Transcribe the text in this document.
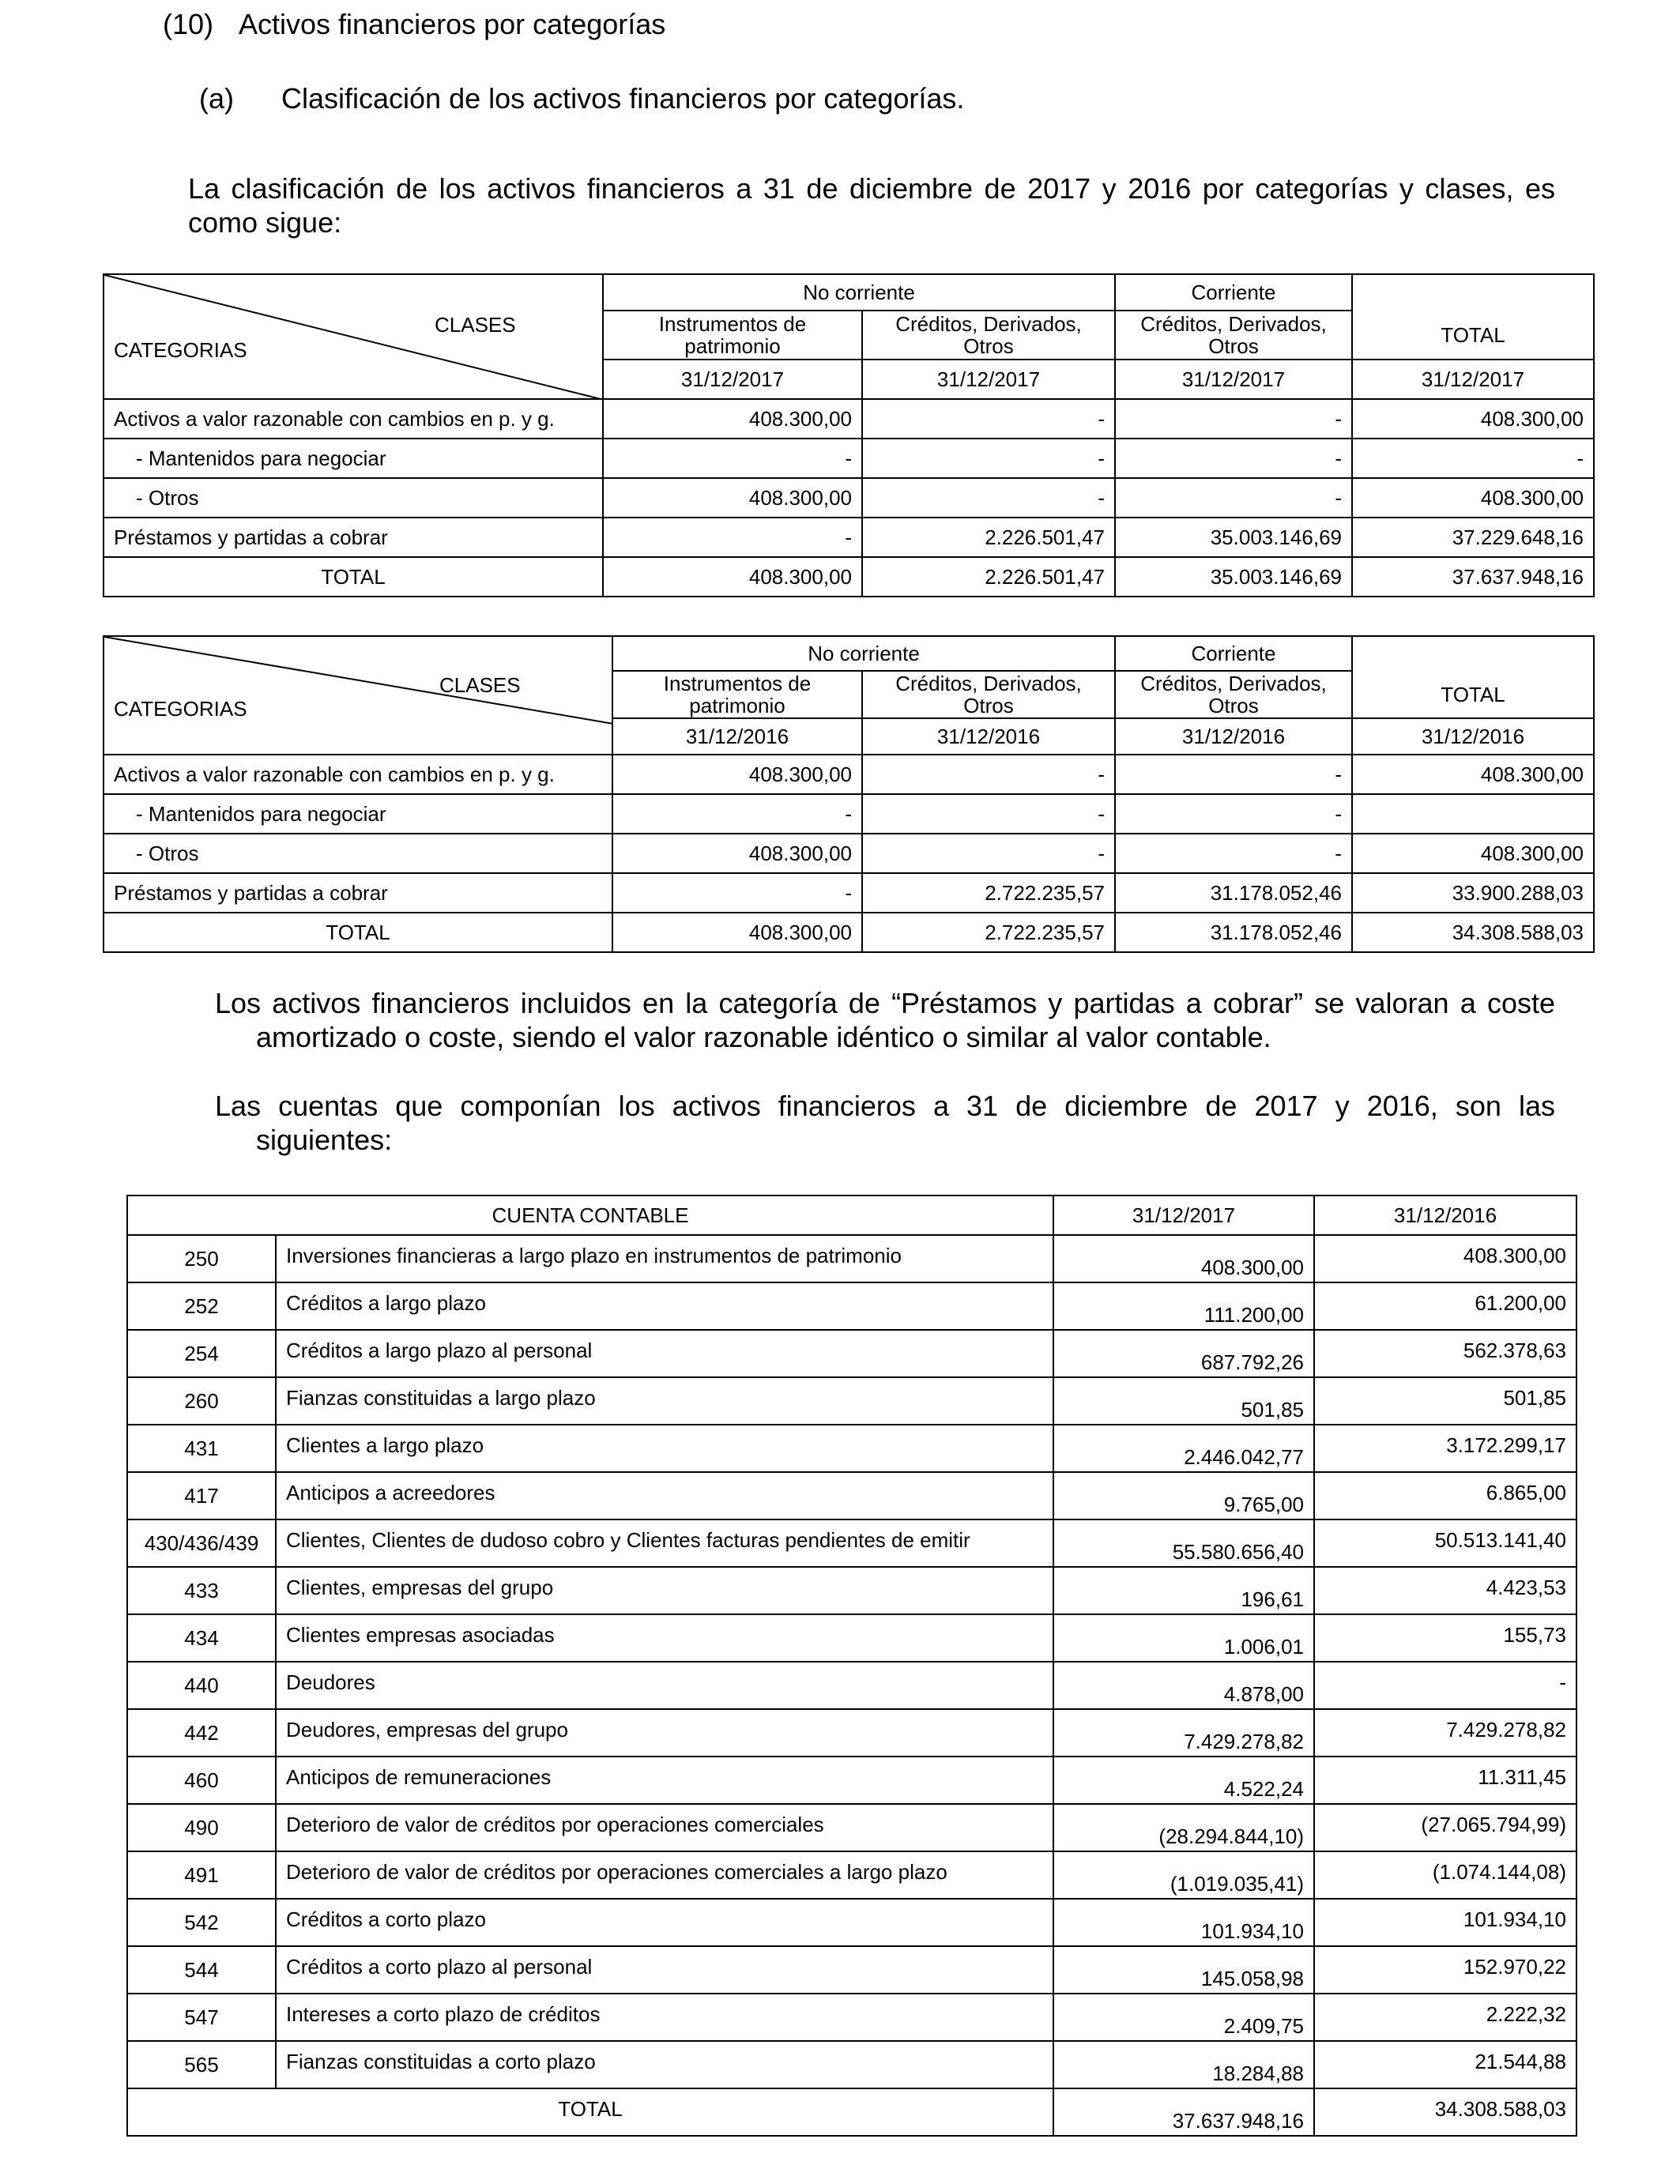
(10) Activos financieros por categorías
(a) Clasificación de los activos financieros por categorías.
La clasificación de los activos financieros a 31 de diciembre de 2017 y 2016 por categorías y clases, es
como sigue:
CLASES
CATEGORIAS	No corriente		Corriente	
	Instrumentos de patrimonio	Créditos, Derivados, Otros	Créditos, Derivados, Otros	TOTAL
	31/12/2017	31/12/2017	31/12/2017	31/12/2017
Activos a valor razonable con cambios en p. y g.	408.300,00	-	-	408.300,00
- Mantenidos para negociar	-	-	-	-
- Otros	408.300,00	-	-	408.300,00
Préstamos y partidas a cobrar	-	2.226.501,47	35.003.146,69	37.229.648,16
TOTAL	408.300,00	2.226.501,47	35.003.146,69	37.637.948,16
CLASES
CATEGORIAS	No corriente		Corriente	
	Instrumentos de patrimonio	Créditos, Derivados, Otros	Créditos, Derivados, Otros	TOTAL
	31/12/2016	31/12/2016	31/12/2016	31/12/2016
Activos a valor razonable con cambios en p. y g.	408.300,00	-	-	408.300,00
- Mantenidos para negociar	-	-	-	
- Otros	408.300,00	-	-	408.300,00
Préstamos y partidas a cobrar	-	2.722.235,57	31.178.052,46	33.900.288,03
TOTAL	408.300,00	2.722.235,57	31.178.052,46	34.308.588,03
Los activos financieros incluidos en la categoría de “Préstamos y partidas a cobrar” se valoran a coste
amortizado o coste, siendo el valor razonable idéntico o similar al valor contable.
Las cuentas que componían los activos financieros a 31 de diciembre de 2017 y 2016, son las
siguientes:
CUENTA CONTABLE		31/12/2017	31/12/2016
250	Inversiones financieras a largo plazo en instrumentos de patrimonio	408.300,00	408.300,00
252	Créditos a largo plazo	111.200,00	61.200,00
254	Créditos a largo plazo al personal	687.792,26	562.378,63
260	Fianzas constituidas a largo plazo	501,85	501,85
431	Clientes a largo plazo	2.446.042,77	3.172.299,17
417	Anticipos a acreedores	9.765,00	6.865,00
430/436/439	Clientes, Clientes de dudoso cobro y Clientes facturas pendientes de emitir	55.580.656,40	50.513.141,40
433	Clientes, empresas del grupo	196,61	4.423,53
434	Clientes empresas asociadas	1.006,01	155,73
440	Deudores	4.878,00	-
442	Deudores, empresas del grupo	7.429.278,82	7.429.278,82
460	Anticipos de remuneraciones	4.522,24	11.311,45
490	Deterioro de valor de créditos por operaciones comerciales	(28.294.844,10)	(27.065.794,99)
491	Deterioro de valor de créditos por operaciones comerciales a largo plazo	(1.019.035,41)	(1.074.144,08)
542	Créditos a corto plazo	101.934,10	101.934,10
544	Créditos a corto plazo al personal	145.058,98	152.970,22
547	Intereses a corto plazo de créditos	2.409,75	2.222,32
565	Fianzas constituidas a corto plazo	18.284,88	21.544,88
TOTAL		37.637.948,16	34.308.588,03
